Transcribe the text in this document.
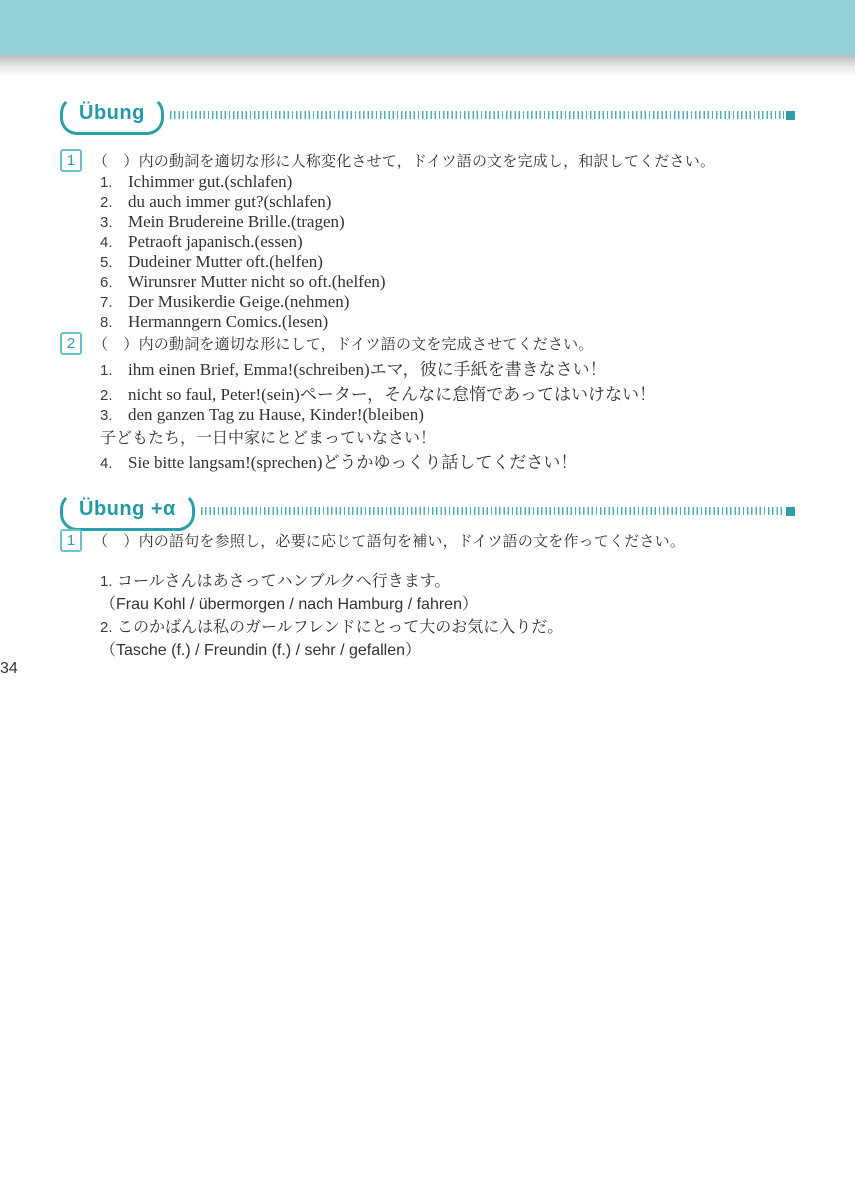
Übung
1	（　）内の動詞を適切な形に人称変化させて，ドイツ語の文を完成し，和訳してください。
1. Ich immer gut. (schlafen)
2. du auch immer gut? (schlafen)
3. Mein Bruder eine Brille. (tragen)
4. Petra oft japanisch. (essen)
5. Du deiner Mutter oft. (helfen)
6. Wir unsrer Mutter nicht so oft. (helfen)
7. Der Musiker die Geige. (nehmen)
8. Hermann gern Comics. (lesen)
2	（　）内の動詞を適切な形にして，ドイツ語の文を完成させてください。
1. ihm einen Brief, Emma! (schreiben) エマ，彼に手紙を書きなさい！
2. nicht so faul, Peter! (sein) ペーター，そんなに怠惰であってはいけない！
3. den ganzen Tag zu Hause, Kinder! (bleiben)
子どもたち，一日中家にとどまっていなさい！
4. Sie bitte langsam! (sprechen) どうかゆっくり話してください！
Übung +α
1	（　）内の語句を参照し，必要に応じて語句を補い，ドイツ語の文を作ってください。
1. コールさんはあさってハンブルクへ行きます。
（Frau Kohl / übermorgen / nach Hamburg / fahren）
2. このかばんは私のガールフレンドにとって大のお気に入りだ。
（Tasche (f.) / Freundin (f.) / sehr / gefallen）
34
